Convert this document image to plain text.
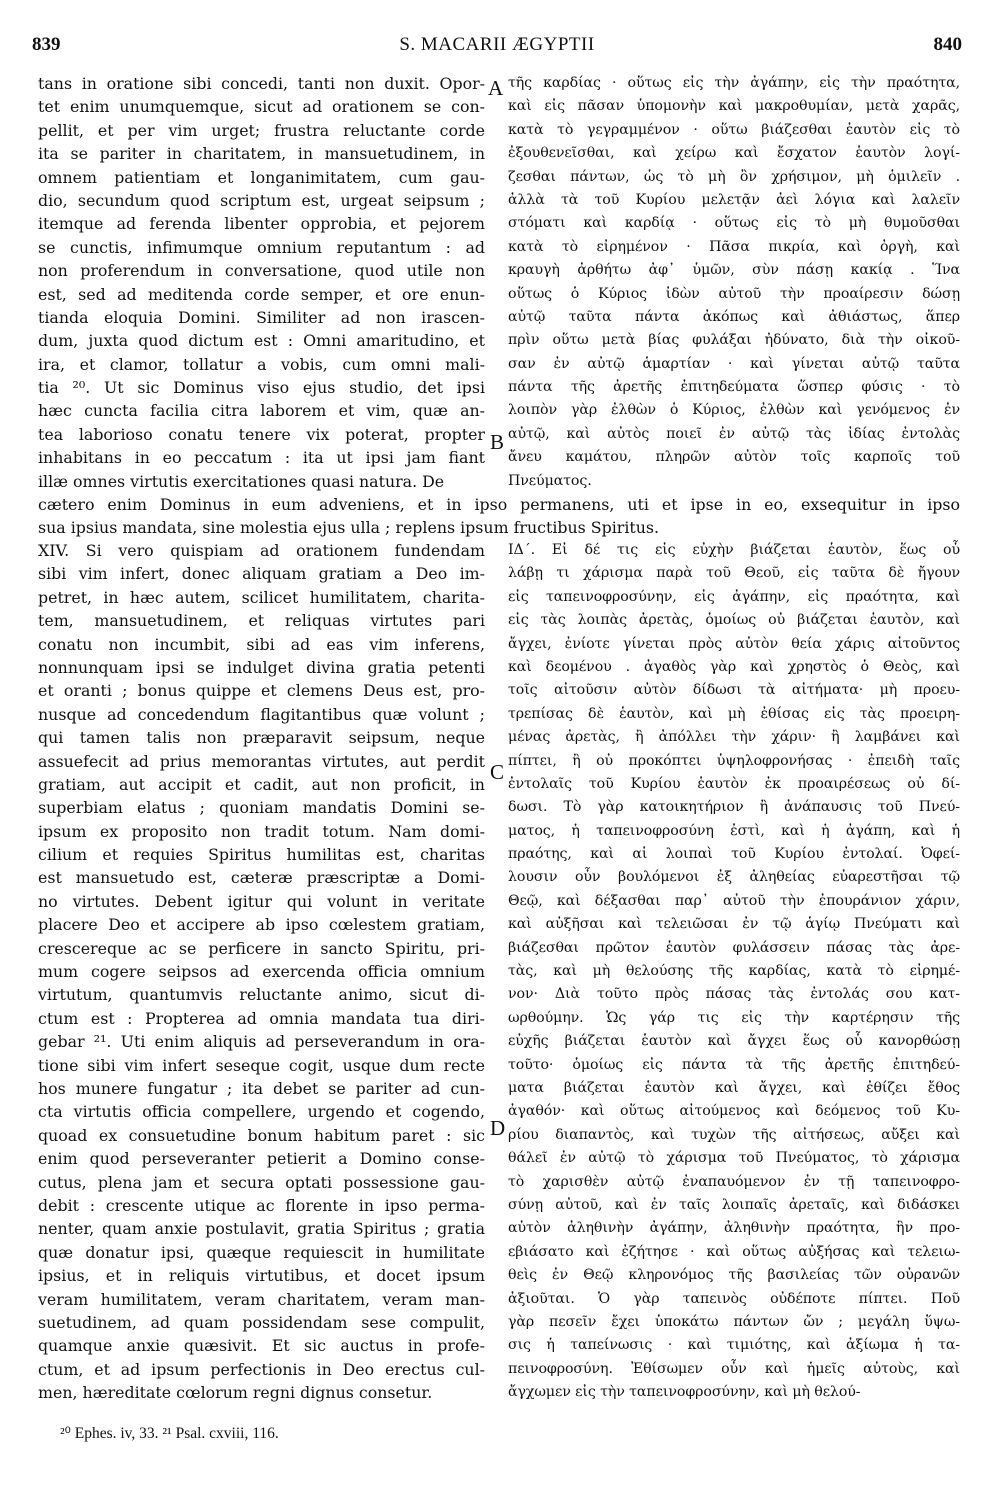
839	S. MACARII ÆGYPTII	840
tans in oratione sibi concedi, tanti non duxit. Opor-
tet enim unumquemque, sicut ad orationem se con-
pellit, et per vim urget; frustra reluctante corde
ita se pariter in charitatem, in mansuetudinem, in
omnem patientiam et longanimitatem, cum gau-
dio, secundum quod scriptum est, urgeat seipsum ;
itemque ad ferenda libenter opprobia, et pejorem
se cunctis, infimumque omnium reputantum : ad
non proferendum in conversatione, quod utile non
est, sed ad meditenda corde semper, et ore enun-
tianda eloquia Domini. Similiter ad non irascen-
dum, juxta quod dictum est : Omni amaritudino, et
ira, et clamor, tollatur a vobis, cum omni mali-
tia ²⁰. Ut sic Dominus viso ejus studio, det ipsi
hæc cuncta facilia citra laborem et vim, quæ an-
tea laborioso conatu tenere vix poterat, propter
inhabitans in eo peccatum : ita ut ipsi jam fiant
illæ omnes virtutis exercitationes quasi natura. De
τῆς καρδίας · οὕτως εἰς τὴν ἀγάπην, εἰς τὴν πραότητα,
καὶ εἰς πᾶσαν ὑπομονὴν καὶ μακροθυμίαν, μετὰ χαρᾶς,
κατὰ τὸ γεγραμμένον · οὕτω βιάζεσθαι ἑαυτὸν εἰς τὸ
ἐξουθενεῖσθαι, καὶ χείρω καὶ ἔσχατον ἑαυτὸν λογί-
ζεσθαι πάντων, ὡς τὸ μὴ ὂν χρήσιμον, μὴ ὁμιλεῖν .
ἀλλὰ τὰ τοῦ Κυρίου μελετᾷν ἀεὶ λόγια καὶ λαλεῖν
στόματι καὶ καρδίᾳ · οὕτως εἰς τὸ μὴ θυμοῦσθαι
κατὰ τὸ εἰρημένον · Πᾶσα πικρία, καὶ ὀργὴ, καὶ
κραυγὴ ἀρθήτω ἀφ᾽ ὑμῶν, σὺν πάσῃ κακίᾳ . Ἵνα
οὕτως ὁ Κύριος ἰδὼν αὐτοῦ τὴν προαίρεσιν δώσῃ
αὐτῷ ταῦτα πάντα ἀκόπως καὶ ἀθιάστως, ἅπερ
πρὶν οὕτω μετὰ βίας φυλάξαι ἠδύνατο, διὰ τὴν οἰκοῦ-
σαν ἐν αὐτῷ ἁμαρτίαν · καὶ γίνεται αὐτῷ ταῦτα
πάντα τῆς ἀρετῆς ἐπιτηδεύματα ὥσπερ φύσις · τὸ
λοιπὸν γὰρ ἐλθὼν ὁ Κύριος, ἐλθὼν καὶ γενόμενος ἐν
αὐτῷ, καὶ αὐτὸς ποιεῖ ἐν αὐτῷ τὰς ἰδίας ἐντολὰς
ἄνευ καμάτου, πληρῶν αὐτὸν τοῖς καρποῖς τοῦ
Πνεύματος.
cætero enim Dominus in eum adveniens, et in ipso permanens, uti et ipse in eo, exsequitur in ipso
sua ipsius mandata, sine molestia ejus ulla ; replens ipsum fructibus Spiritus.
XIV. Si vero quispiam ad orationem fundendam
sibi vim infert, donec aliquam gratiam a Deo im-
petret, in hæc autem, scilicet humilitatem, charita-
tem, mansuetudinem, et reliquas virtutes pari
conatu non incumbit, sibi ad eas vim inferens,
nonnunquam ipsi se indulget divina gratia petenti
et oranti ; bonus quippe et clemens Deus est, pro-
nusque ad concedendum flagitantibus quæ volunt ;
qui tamen talis non præparavit seipsum, neque
assuefecit ad prius memorantas virtutes, aut perdit
gratiam, aut accipit et cadit, aut non proficit, in
superbiam elatus ; quoniam mandatis Domini se-
ipsum ex proposito non tradit totum. Nam domi-
cilium et requies Spiritus humilitas est, charitas
est mansuetudo est, cæteræ præscriptæ a Domi-
no virtutes. Debent igitur qui volunt in veritate
placere Deo et accipere ab ipso cœlestem gratiam,
crescereque ac se perficere in sancto Spiritu, pri-
mum cogere seipsos ad exercenda officia omnium
virtutum, quantumvis reluctante animo, sicut di-
ctum est : Propterea ad omnia mandata tua diri-
gebar ²¹. Uti enim aliquis ad perseverandum in ora-
tione sibi vim infert seseque cogit, usque dum recte
hos munere fungatur ; ita debet se pariter ad cun-
cta virtutis officia compellere, urgendo et cogendo,
quoad ex consuetudine bonum habitum paret : sic
enim quod perseveranter petierit a Domino conse-
cutus, plena jam et secura optati possessione gau-
debit : crescente utique ac florente in ipso perma-
nenter, quam anxie postulavit, gratia Spiritus ; gratia
quæ donatur ipsi, quæque requiescit in humilitate
ipsius, et in reliquis virtutibus, et docet ipsum
veram humilitatem, veram charitatem, veram man-
suetudinem, ad quam possidendam sese compulit,
quamque anxie quæsivit. Et sic auctus in profe-
ctum, et ad ipsum perfectionis in Deo erectus cul-
men, hæreditate cœlorum regni dignus consetur.
ΙΔ΄. Εἰ δέ τις εἰς εὐχὴν βιάζεται ἑαυτὸν, ἕως οὗ
λάβῃ τι χάρισμα παρὰ τοῦ Θεοῦ, εἰς ταῦτα δὲ ἤγουν
εἰς ταπεινοφροσύνην, εἰς ἀγάπην, εἰς πραότητα, καὶ
εἰς τὰς λοιπὰς ἀρετὰς, ὁμοίως οὐ βιάζεται ἑαυτὸν, καὶ
ἄγχει, ἐνίοτε γίνεται πρὸς αὐτὸν θεία χάρις αἰτοῦντος
καὶ δεομένου . ἀγαθὸς γὰρ καὶ χρηστὸς ὁ Θεὸς, καὶ
τοῖς αἰτοῦσιν αὐτὸν δίδωσι τὰ αἰτήματα· μὴ προευ-
τρεπίσας δὲ ἑαυτὸν, καὶ μὴ ἐθίσας εἰς τὰς προειρη-
μένας ἀρετὰς, ἢ ἀπόλλει τὴν χάριν· ἢ λαμβάνει καὶ
πίπτει, ἢ οὐ προκόπτει ὑψηλοφρονήσας · ἐπειδὴ ταῖς
ἐντολαῖς τοῦ Κυρίου ἑαυτὸν ἐκ προαιρέσεως οὐ δί-
δωσι. Τὸ γὰρ κατοικητήριον ἢ ἀνάπαυσις τοῦ Πνεύ-
ματος, ἡ ταπεινοφροσύνη ἐστὶ, καὶ ἡ ἀγάπη, καὶ ἡ
πραότης, καὶ αἱ λοιπαὶ τοῦ Κυρίου ἐντολαί. Ὀφεί-
λουσιν οὖν βουλόμενοι ἐξ ἀληθείας εὐαρεστῆσαι τῷ
Θεῷ, καὶ δέξασθαι παρ᾽ αὐτοῦ τὴν ἐπουράνιον χάριν,
καὶ αὐξῆσαι καὶ τελειῶσαι ἐν τῷ ἁγίῳ Πνεύματι καὶ
βιάζεσθαι πρῶτον ἑαυτὸν φυλάσσειν πάσας τὰς ἀρε-
τὰς, καὶ μὴ θελούσης τῆς καρδίας, κατὰ τὸ εἰρημέ-
νον· Διὰ τοῦτο πρὸς πάσας τὰς ἐντολάς σου κατ-
ωρθούμην. Ὡς γάρ τις εἰς τὴν καρτέρησιν τῆς
εὐχῆς βιάζεται ἑαυτὸν καὶ ἄγχει ἕως οὗ κανορθώσῃ
τοῦτο· ὁμοίως εἰς πάντα τὰ τῆς ἀρετῆς ἐπιτηδεύ-
ματα βιάζεται ἑαυτὸν καὶ ἄγχει, καὶ ἐθίζει ἔθος
ἀγαθόν· καὶ οὕτως αἰτούμενος καὶ δεόμενος τοῦ Κυ-
ρίου διαπαντὸς, καὶ τυχὼν τῆς αἰτήσεως, αὔξει καὶ
θάλεῖ ἐν αὐτῷ τὸ χάρισμα τοῦ Πνεύματος, τὸ χάρισμα
τὸ χαρισθὲν αὐτῷ ἐναπαυόμενον ἐν τῇ ταπεινοφρο-
σύνῃ αὐτοῦ, καὶ ἐν ταῖς λοιπαῖς ἀρεταῖς, καὶ διδάσκει
αὐτὸν ἀληθινὴν ἀγάπην, ἀληθινὴν πραότητα, ἣν προ-
εβιάσατο καὶ ἐζήτησε · καὶ οὕτως αὐξήσας καὶ τελειω-
θεὶς ἐν Θεῷ κληρονόμος τῆς βασιλείας τῶν οὐρανῶν
ἀξιοῦται. Ὁ γὰρ ταπεινὸς οὐδέποτε πίπτει. Ποῦ
γὰρ πεσεῖν ἔχει ὑποκάτω πάντων ὤν ; μεγάλη ὕψω-
σις ἡ ταπείνωσις · καὶ τιμιότης, καὶ ἀξίωμα ἡ τα-
πεινοφροσύνη. Ἐθίσωμεν οὖν καὶ ἡμεῖς αὐτοὺς, καὶ
ἄγχωμεν εἰς τὴν ταπεινοφροσύνην, καὶ μὴ θελού-
A
B
C
D
²⁰ Ephes. iv, 33. ²¹ Psal. cxviii, 116.
